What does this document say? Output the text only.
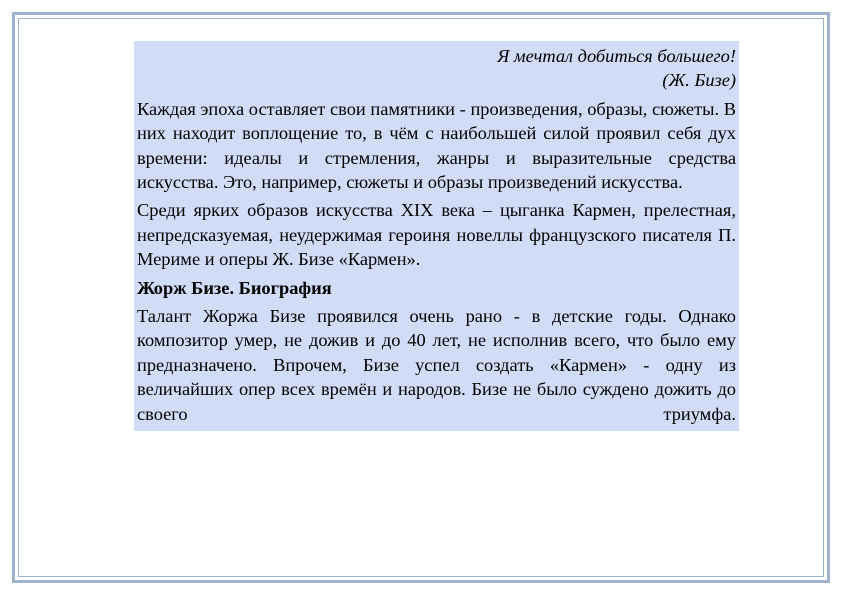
Я мечтал добиться большего!

(Ж. Бизе)

Каждая эпоха оставляет свои памятники - произведения, образы, сюжеты. В них находит воплощение то, в чём с наибольшей силой проявил себя дух времени: идеалы и стремления, жанры и выразительные средства искусства. Это, например, сюжеты и образы произведений искусства.

Среди ярких образов искусства XIX века – цыганка Кармен, прелестная, непредсказуемая, неудержимая героиня новеллы французского писателя П. Мериме и оперы Ж. Бизе «Кармен».

Жорж Бизе. Биография

Талант Жоржа Бизе проявился очень рано - в детские годы. Однако композитор умер, не дожив и до 40 лет, не исполнив всего, что было ему предназначено. Впрочем, Бизе успел создать «Кармен» - одну из величайших опер всех времён и народов. Бизе не было суждено дожить до своего триумфа.
